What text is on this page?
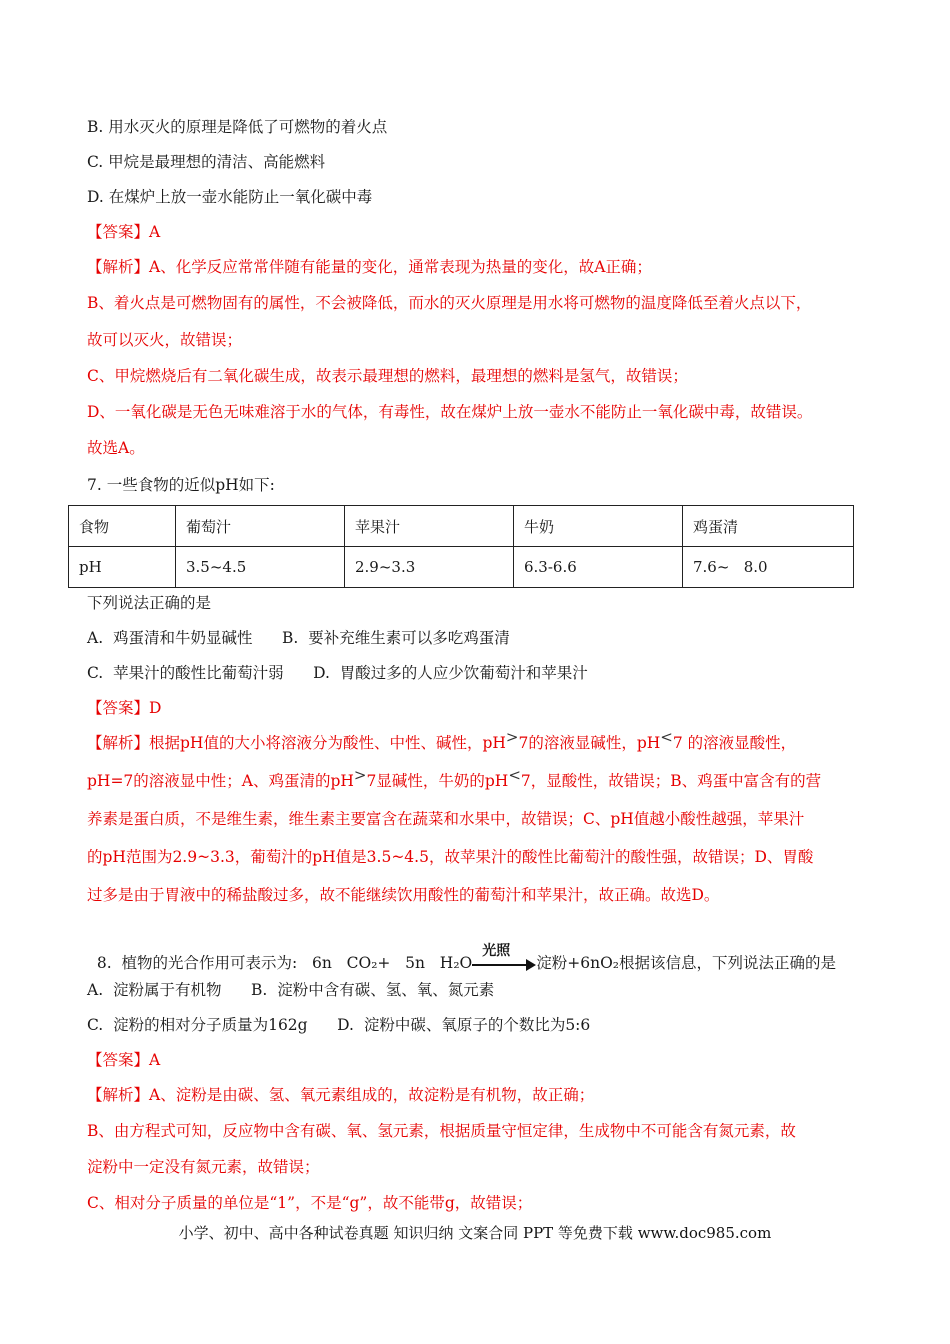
B. 用水灭火的原理是降低了可燃物的着火点
C. 甲烷是最理想的清洁、高能燃料
D. 在煤炉上放一壶水能防止一氧化碳中毒
【答案】A
【解析】A、化学反应常常伴随有能量的变化，通常表现为热量的变化，故A正确；
B、着火点是可燃物固有的属性，不会被降低，而水的灭火原理是用水将可燃物的温度降低至着火点以下，
故可以灭火，故错误；
C、甲烷燃烧后有二氧化碳生成，故表示最理想的燃料，最理想的燃料是氢气，故错误；
D、一氧化碳是无色无味难溶于水的气体，有毒性，故在煤炉上放一壶水不能防止一氧化碳中毒，故错误。
故选A。
7. 一些食物的近似pH如下:
食物	葡萄汁	苹果汁	牛奶	鸡蛋清
pH	3.5~4.5	2.9~3.3	6.3-6.6	7.6~   8.0
下列说法正确的是
A.  鸡蛋清和牛奶显碱性      B.  要补充维生素可以多吃鸡蛋清
C.  苹果汁的酸性比葡萄汁弱      D.  胃酸过多的人应少饮葡萄汁和苹果汁
【答案】D
【解析】根据pH值的大小将溶液分为酸性、中性、碱性，pH>7的溶液显碱性，pH<7 的溶液显酸性，
pH=7的溶液显中性；A、鸡蛋清的pH>7显碱性，牛奶的pH<7，显酸性，故错误；B、鸡蛋中富含有的营
养素是蛋白质，不是维生素，维生素主要富含在蔬菜和水果中，故错误；C、pH值越小酸性越强，苹果汁
的pH范围为2.9~3.3，葡萄汁的pH值是3.5~4.5，故苹果汁的酸性比葡萄汁的酸性强，故错误；D、胃酸
过多是由于胃液中的稀盐酸过多，故不能继续饮用酸性的葡萄汁和苹果汁，故正确。故选D。

8.  植物的光合作用可表示为:   6n   CO₂+   5n   H₂O
光照
淀粉+6nO₂根据该信息，下列说法正确的是

A.  淀粉属于有机物      B.  淀粉中含有碳、氢、氧、氮元素
C.  淀粉的相对分子质量为162g      D.  淀粉中碳、氧原子的个数比为5:6
【答案】A
【解析】A、淀粉是由碳、氢、氧元素组成的，故淀粉是有机物，故正确；
B、由方程式可知，反应物中含有碳、氧、氢元素，根据质量守恒定律，生成物中不可能含有氮元素，故
淀粉中一定没有氮元素，故错误；
C、相对分子质量的单位是“1”，不是“g”，故不能带g，故错误；
小学、初中、高中各种试卷真题 知识归纳 文案合同 PPT 等免费下载 www.doc985.com
